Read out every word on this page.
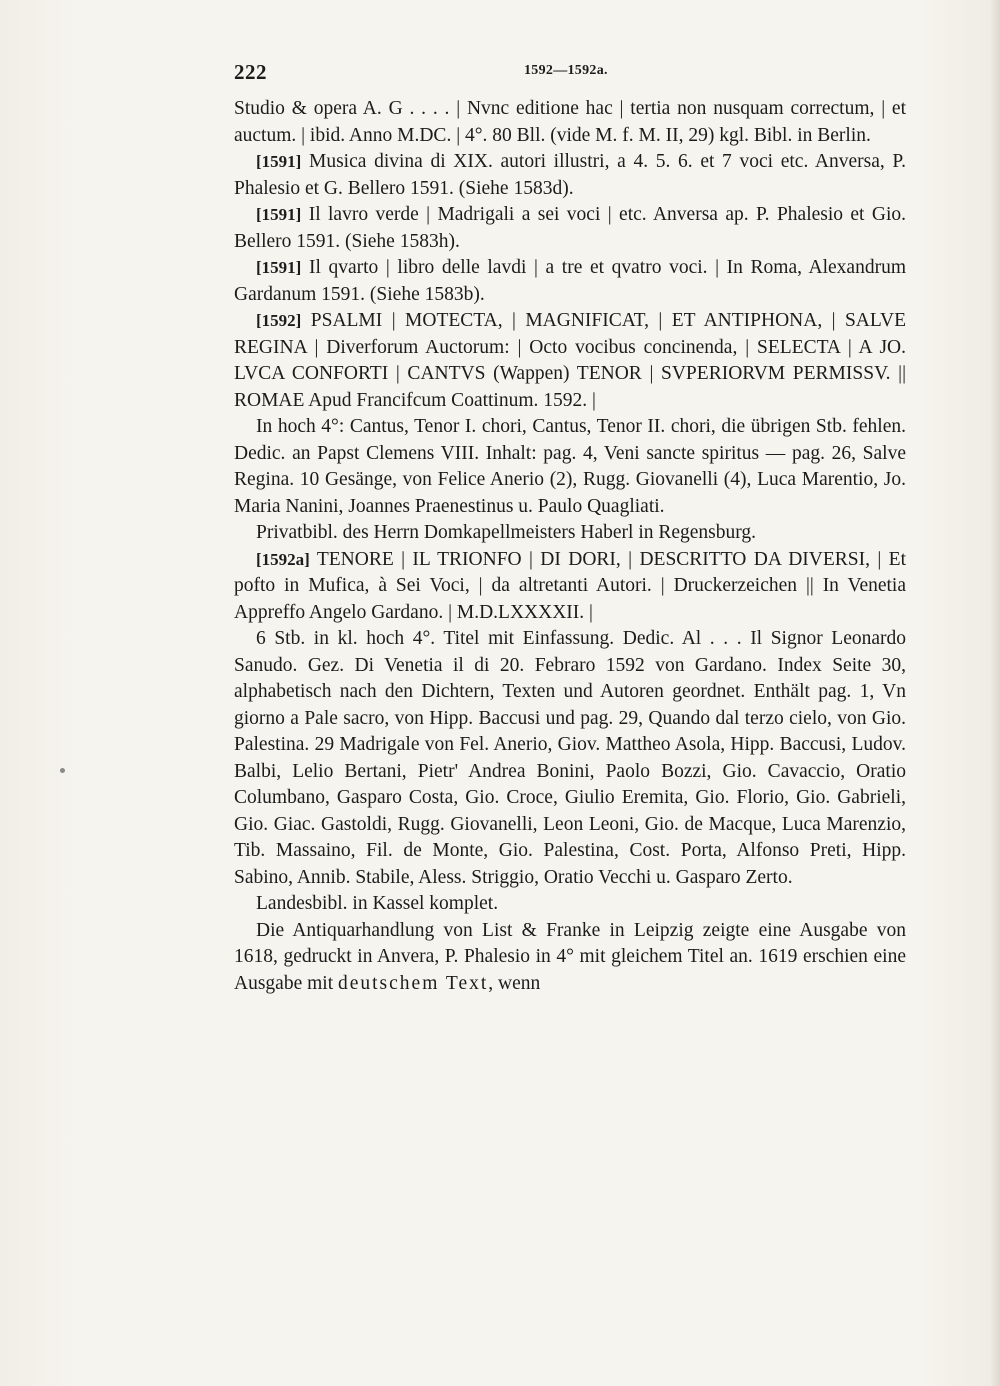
222	1592—1592a.

Studio & opera A. G . . . . | Nvnc editione hac | tertia non nusquam correctum, | et auctum. | ibid. Anno M.DC. | 4°. 80 Bll. (vide M. f. M. II, 29) kgl. Bibl. in Berlin.

[1591] Musica divina di XIX. autori illustri, a 4. 5. 6. et 7 voci etc. Anversa, P. Phalesio et G. Bellero 1591. (Siehe 1583d).

[1591] Il lavro verde | Madrigali a sei voci | etc. Anversa ap. P. Phalesio et Gio. Bellero 1591. (Siehe 1583h).

[1591] Il qvarto | libro delle lavdi | a tre et qvatro voci. | In Roma, Alexandrum Gardanum 1591. (Siehe 1583b).

[1592] PSALMI | MOTECTA, | MAGNIFICAT, | ET ANTIPHONA, | SALVE REGINA | Diverforum Auctorum: | Octo vocibus concinenda, | SELECTA | A JO. LVCA CONFORTI | CANTVS (Wappen) TENOR | SVPERIORVM PERMISSV. || ROMAE Apud Francifcum Coattinum. 1592. |

In hoch 4°: Cantus, Tenor I. chori, Cantus, Tenor II. chori, die übrigen Stb. fehlen. Dedic. an Papst Clemens VIII. Inhalt: pag. 4, Veni sancte spiritus — pag. 26, Salve Regina. 10 Gesänge, von Felice Anerio (2), Rugg. Giovanelli (4), Luca Marentio, Jo. Maria Nanini, Joannes Praenestinus u. Paulo Quagliati.

Privatbibl. des Herrn Domkapellmeisters Haberl in Regensburg.

[1592a] TENORE | IL TRIONFO | DI DORI, | DESCRITTO DA DIVERSI, | Et pofto in Mufica, à Sei Voci, | da altretanti Autori. | Druckerzeichen || In Venetia Appreffo Angelo Gardano. | M.D.LXXXXII. |

6 Stb. in kl. hoch 4°. Titel mit Einfassung. Dedic. Al . . . Il Signor Leonardo Sanudo. Gez. Di Venetia il di 20. Febraro 1592 von Gardano. Index Seite 30, alphabetisch nach den Dichtern, Texten und Autoren geordnet. Enthält pag. 1, Vn giorno a Pale sacro, von Hipp. Baccusi und pag. 29, Quando dal terzo cielo, von Gio. Palestina. 29 Madrigale von Fel. Anerio, Giov. Mattheo Asola, Hipp. Baccusi, Ludov. Balbi, Lelio Bertani, Pietr' Andrea Bonini, Paolo Bozzi, Gio. Cavaccio, Oratio Columbano, Gasparo Costa, Gio. Croce, Giulio Eremita, Gio. Florio, Gio. Gabrieli, Gio. Giac. Gastoldi, Rugg. Giovanelli, Leon Leoni, Gio. de Macque, Luca Marenzio, Tib. Massaino, Fil. de Monte, Gio. Palestina, Cost. Porta, Alfonso Preti, Hipp. Sabino, Annib. Stabile, Aless. Striggio, Oratio Vecchi u. Gasparo Zerto.

Landesbibl. in Kassel komplet.

Die Antiquarhandlung von List & Franke in Leipzig zeigte eine Ausgabe von 1618, gedruckt in Anvera, P. Phalesio in 4° mit gleichem Titel an. 1619 erschien eine Ausgabe mit deutschem Text, wenn
